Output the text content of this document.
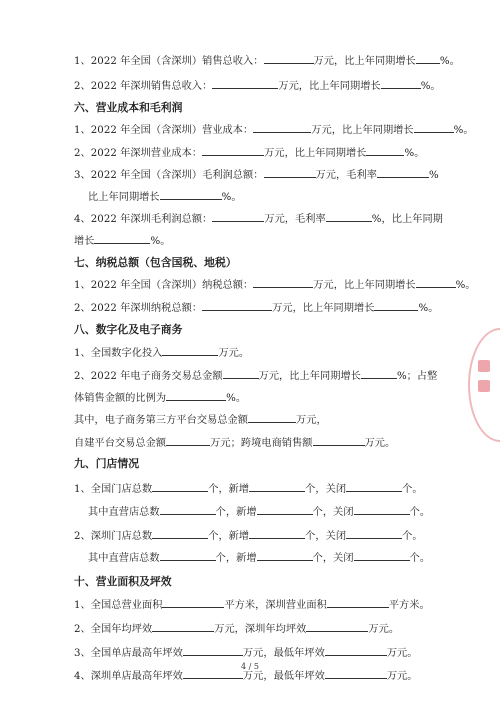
4 / 5
1、2022 年全国（含深圳）销售总收入：	万元，比上年同期增长 %。
2、2022 年深圳销售总收入：	万元，比上年同期增长	%。
六、营业成本和毛利润
1、2022 年全国（含深圳）营业成本：	万元，比上年同期增长	%。
2、2022 年深圳营业成本：	万元，比上年同期增长	%。
3、2022 年全国（含深圳）毛利润总额：	万元，毛利率	%
比上年同期增长	%。
4、2022 年深圳毛利润总额：	万元，毛利率	%，比上年同期
增长	%。
七、纳税总额（包含国税、地税）
1、2022 年全国（含深圳）纳税总额：	万元，比上年同期增长	%。
2、2022 年深圳纳税总额：	万元，比上年同期增长	%。
八、数字化及电子商务
1、全国数字化投入	万元。
2、2022 年电子商务交易总金额	万元，比上年同期增长	%；占整
体销售金额的比例为	%。
其中，电子商务第三方平台交易总金额	万元，
自建平台交易总金额	万元；跨境电商销售额	万元。
九、门店情况
1、全国门店总数	个，新增	个，关闭	个。
其中直营店总数	个，新增	个，关闭	个。
2、深圳门店总数	个，新增	个，关闭	个。
其中直营店总数	个，新增	个，关闭	个。
十、营业面积及坪效
1、全国总营业面积	平方米，深圳营业面积	平方米。
2、全国年均坪效	万元，深圳年均坪效	万元。
3、全国单店最高年坪效	万元，最低年坪效	万元。
4、深圳单店最高年坪效	万元，最低年坪效	万元。
